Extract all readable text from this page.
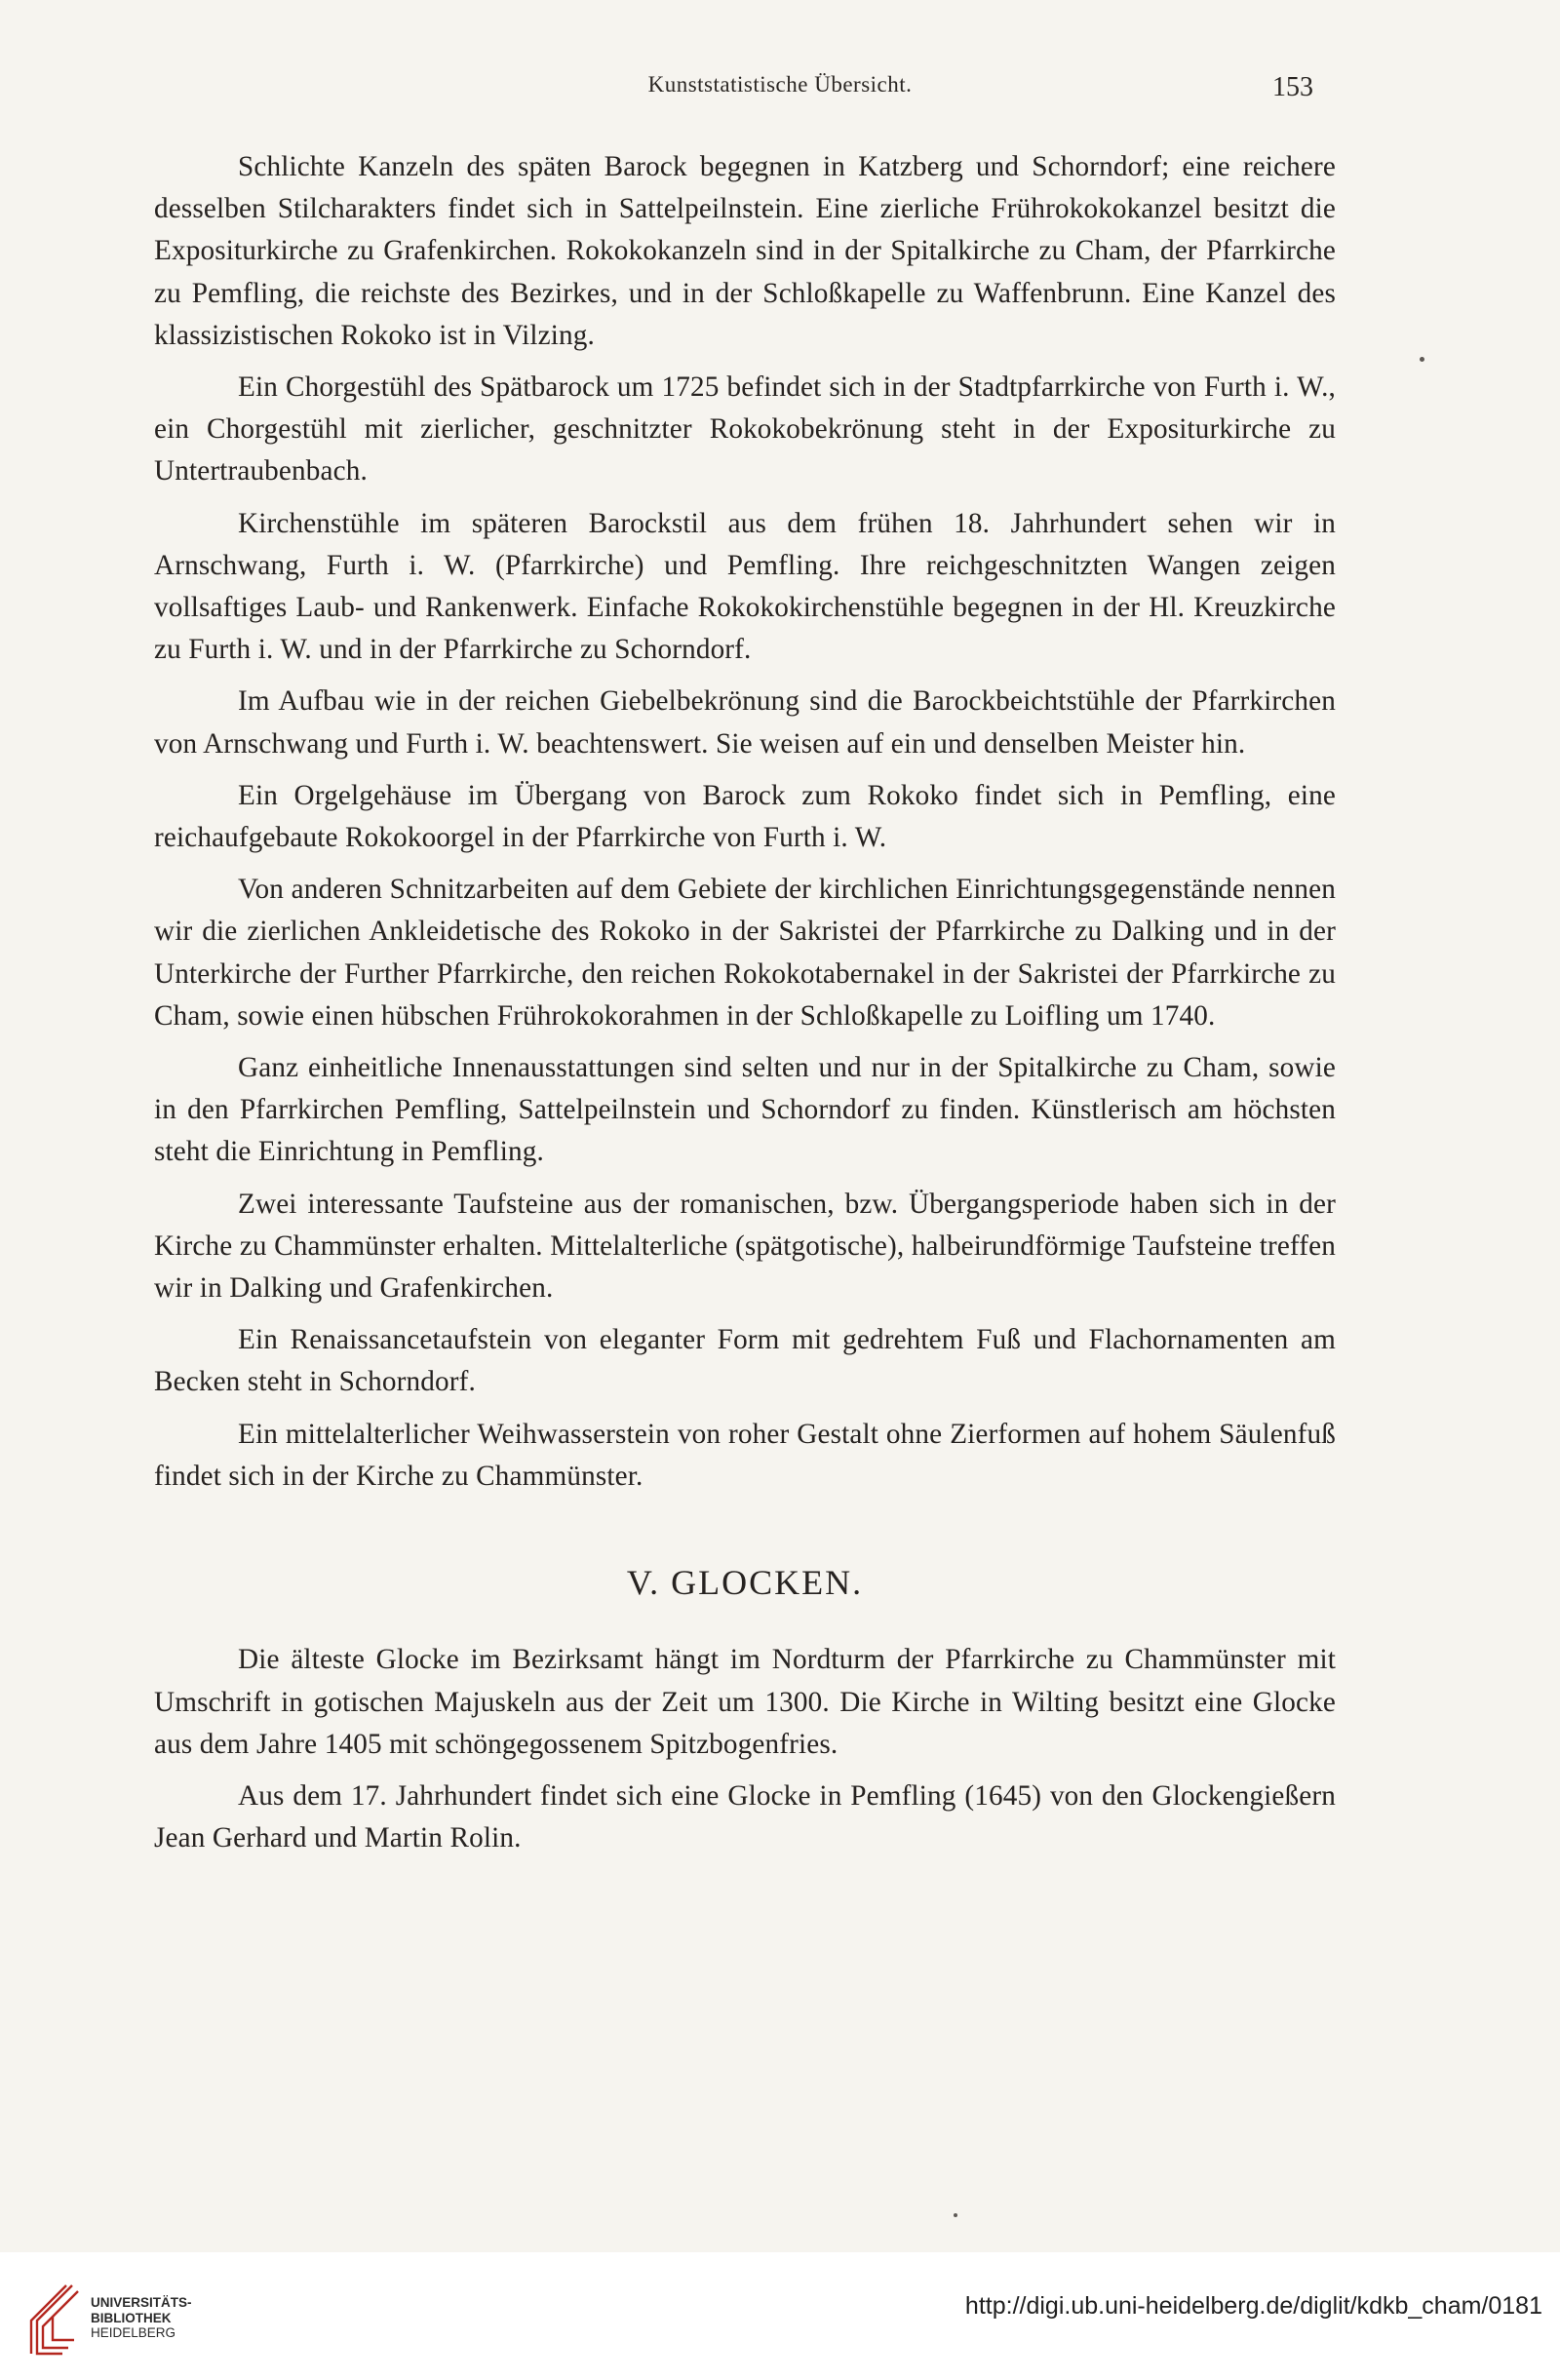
Kunststatistische Übersicht.	153

Schlichte Kanzeln des späten Barock begegnen in Katzberg und Schorndorf; eine reichere desselben Stilcharakters findet sich in Sattelpeilnstein. Eine zierliche Frührokokokanzel besitzt die Expositurkirche zu Grafenkirchen. Rokokokanzeln sind in der Spitalkirche zu Cham, der Pfarrkirche zu Pemfling, die reichste des Bezirkes, und in der Schloßkapelle zu Waffenbrunn. Eine Kanzel des klassizistischen Rokoko ist in Vilzing.

Ein Chorgestühl des Spätbarock um 1725 befindet sich in der Stadtpfarrkirche von Furth i. W., ein Chorgestühl mit zierlicher, geschnitzter Rokokobekrönung steht in der Expositurkirche zu Untertraubenbach.

Kirchenstühle im späteren Barockstil aus dem frühen 18. Jahrhundert sehen wir in Arnschwang, Furth i. W. (Pfarrkirche) und Pemfling. Ihre reichgeschnitzten Wangen zeigen vollsaftiges Laub- und Rankenwerk. Einfache Rokokokirchenstühle begegnen in der Hl. Kreuzkirche zu Furth i. W. und in der Pfarrkirche zu Schorndorf.

Im Aufbau wie in der reichen Giebelbekrönung sind die Barockbeichtstühle der Pfarrkirchen von Arnschwang und Furth i. W. beachtenswert. Sie weisen auf ein und denselben Meister hin.

Ein Orgelgehäuse im Übergang von Barock zum Rokoko findet sich in Pemfling, eine reichaufgebaute Rokokoorgel in der Pfarrkirche von Furth i. W.

Von anderen Schnitzarbeiten auf dem Gebiete der kirchlichen Einrichtungsgegenstände nennen wir die zierlichen Ankleidetische des Rokoko in der Sakristei der Pfarrkirche zu Dalking und in der Unterkirche der Further Pfarrkirche, den reichen Rokokotabernakel in der Sakristei der Pfarrkirche zu Cham, sowie einen hübschen Frührokokorahmen in der Schloßkapelle zu Loifling um 1740.

Ganz einheitliche Innenausstattungen sind selten und nur in der Spitalkirche zu Cham, sowie in den Pfarrkirchen Pemfling, Sattelpeilnstein und Schorndorf zu finden. Künstlerisch am höchsten steht die Einrichtung in Pemfling.

Zwei interessante Taufsteine aus der romanischen, bzw. Übergangsperiode haben sich in der Kirche zu Chammünster erhalten. Mittelalterliche (spätgotische), halbeirundförmige Taufsteine treffen wir in Dalking und Grafenkirchen.

Ein Renaissancetaufstein von eleganter Form mit gedrehtem Fuß und Flachornamenten am Becken steht in Schorndorf.

Ein mittelalterlicher Weihwasserstein von roher Gestalt ohne Zierformen auf hohem Säulenfuß findet sich in der Kirche zu Chammünster.

V. GLOCKEN.

Die älteste Glocke im Bezirksamt hängt im Nordturm der Pfarrkirche zu Chammünster mit Umschrift in gotischen Majuskeln aus der Zeit um 1300. Die Kirche in Wilting besitzt eine Glocke aus dem Jahre 1405 mit schöngegossenem Spitzbogenfries.

Aus dem 17. Jahrhundert findet sich eine Glocke in Pemfling (1645) von den Glockengießern Jean Gerhard und Martin Rolin.

UNIVERSITÄTS-
BIBLIOTHEK
HEIDELBERG
http://digi.ub.uni-heidelberg.de/diglit/kdkb_cham/0181
